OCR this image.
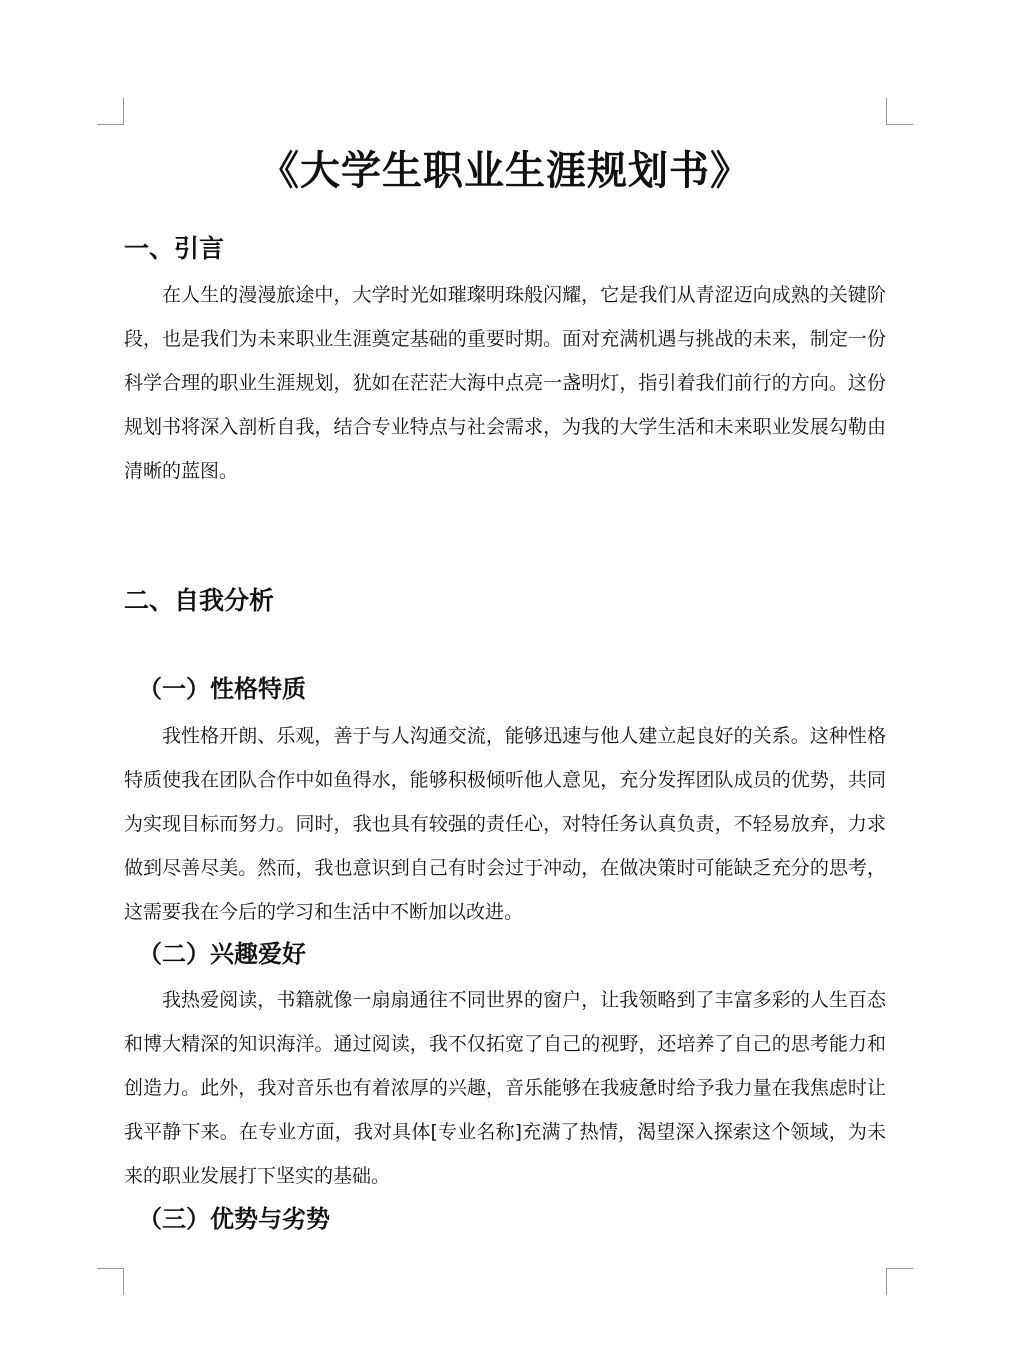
《大学生职业生涯规划书》
一、引言
在人生的漫漫旅途中，大学时光如璀璨明珠般闪耀，它是我们从青涩迈向成熟的关键阶段，也是我们为未来职业生涯奠定基础的重要时期。面对充满机遇与挑战的未来，制定一份科学合理的职业生涯规划，犹如在茫茫大海中点亮一盏明灯，指引着我们前行的方向。这份规划书将深入剖析自我，结合专业特点与社会需求，为我的大学生活和未来职业发展勾勒由清晰的蓝图。
二、自我分析
（一）性格特质
我性格开朗、乐观，善于与人沟通交流，能够迅速与他人建立起良好的关系。这种性格特质使我在团队合作中如鱼得水，能够积极倾听他人意见，充分发挥团队成员的优势，共同为实现目标而努力。同时，我也具有较强的责任心，对特任务认真负责，不轻易放弃，力求做到尽善尽美。然而，我也意识到自己有时会过于冲动，在做决策时可能缺乏充分的思考，这需要我在今后的学习和生活中不断加以改进。
（二）兴趣爱好
我热爱阅读，书籍就像一扇扇通往不同世界的窗户，让我领略到了丰富多彩的人生百态和博大精深的知识海洋。通过阅读，我不仅拓宽了自己的视野，还培养了自己的思考能力和创造力。此外，我对音乐也有着浓厚的兴趣，音乐能够在我疲惫时给予我力量在我焦虑时让我平静下来。在专业方面，我对具体[专业名称]充满了热情，渴望深入探索这个领域，为未来的职业发展打下坚实的基础。
（三）优势与劣势
